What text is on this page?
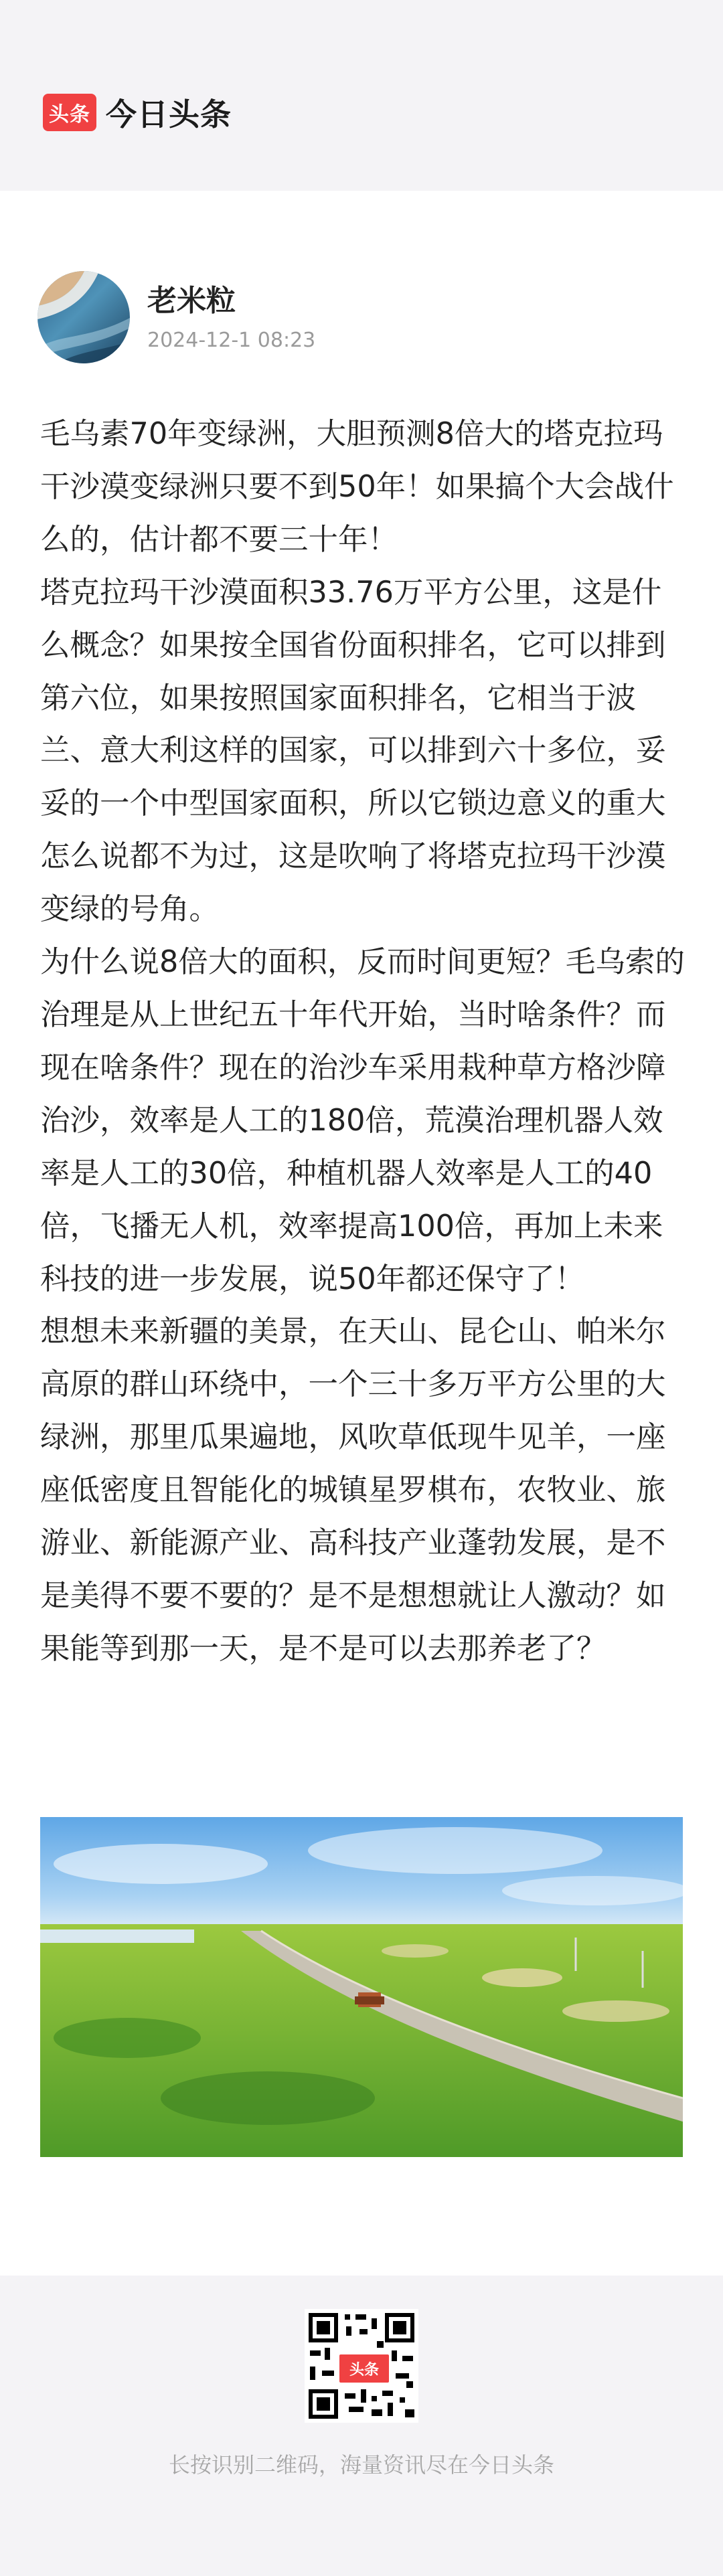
头条 今日头条
老米粒
2024-12-1 08:23

毛乌素70年变绿洲，大胆预测8倍大的塔克拉玛干沙漠变绿洲只要不到50年！如果搞个大会战什么的，估计都不要三十年！

塔克拉玛干沙漠面积33.76万平方公里，这是什么概念？如果按全国省份面积排名，它可以排到第六位，如果按照国家面积排名，它相当于波兰、意大利这样的国家，可以排到六十多位，妥妥的一个中型国家面积，所以它锁边意义的重大怎么说都不为过，这是吹响了将塔克拉玛干沙漠变绿的号角。

为什么说8倍大的面积，反而时间更短？毛乌索的治理是从上世纪五十年代开始，当时啥条件？而现在啥条件？现在的治沙车采用栽种草方格沙障治沙，效率是人工的180倍，荒漠治理机器人效率是人工的30倍，种植机器人效率是人工的40倍，飞播无人机，效率提高100倍，再加上未来科技的进一步发展，说50年都还保守了！

想想未来新疆的美景，在天山、昆仑山、帕米尔高原的群山环绕中，一个三十多万平方公里的大绿洲，那里瓜果遍地，风吹草低现牛见羊，一座座低密度且智能化的城镇星罗棋布，农牧业、旅游业、新能源产业、高科技产业蓬勃发展，是不是美得不要不要的？是不是想想就让人激动？如果能等到那一天，是不是可以去那养老了？

头条
长按识别二维码，海量资讯尽在今日头条
